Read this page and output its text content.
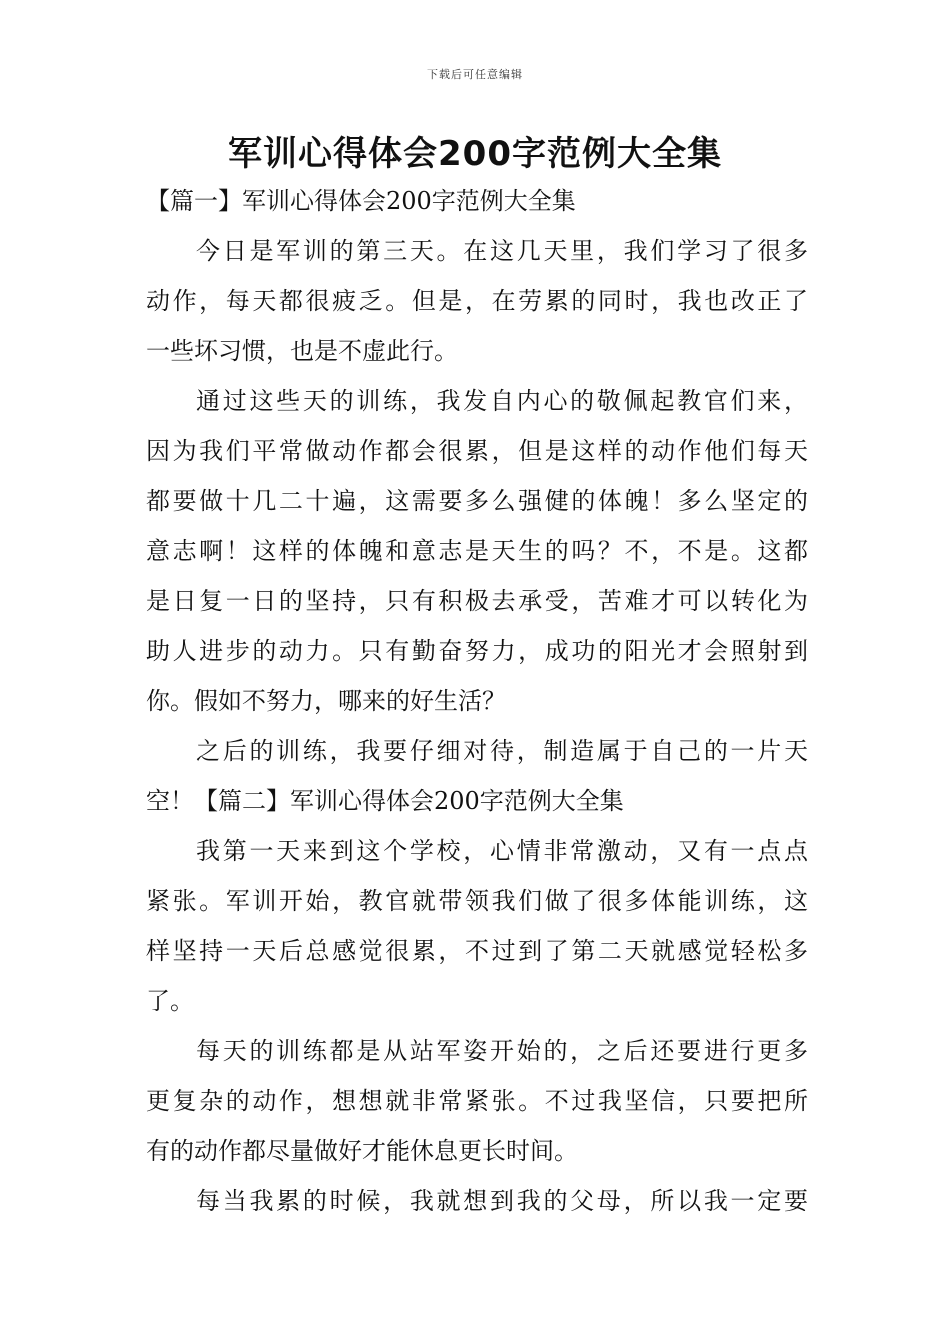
下载后可任意编辑
军训心得体会200字范例大全集
【篇一】军训心得体会200字范例大全集
今日是军训的第三天。在这几天里，我们学习了很多
动作，每天都很疲乏。但是，在劳累的同时，我也改正了
一些坏习惯，也是不虚此行。
通过这些天的训练，我发自内心的敬佩起教官们来，
因为我们平常做动作都会很累，但是这样的动作他们每天
都要做十几二十遍，这需要多么强健的体魄！多么坚定的
意志啊！这样的体魄和意志是天生的吗？不，不是。这都
是日复一日的坚持，只有积极去承受，苦难才可以转化为
助人进步的动力。只有勤奋努力，成功的阳光才会照射到
你。假如不努力，哪来的好生活？
之后的训练，我要仔细对待，制造属于自己的一片天
空！【篇二】军训心得体会200字范例大全集
我第一天来到这个学校，心情非常激动，又有一点点
紧张。军训开始，教官就带领我们做了很多体能训练，这
样坚持一天后总感觉很累，不过到了第二天就感觉轻松多
了。
每天的训练都是从站军姿开始的，之后还要进行更多
更复杂的动作，想想就非常紧张。不过我坚信，只要把所
有的动作都尽量做好才能休息更长时间。
每当我累的时候，我就想到我的父母，所以我一定要
